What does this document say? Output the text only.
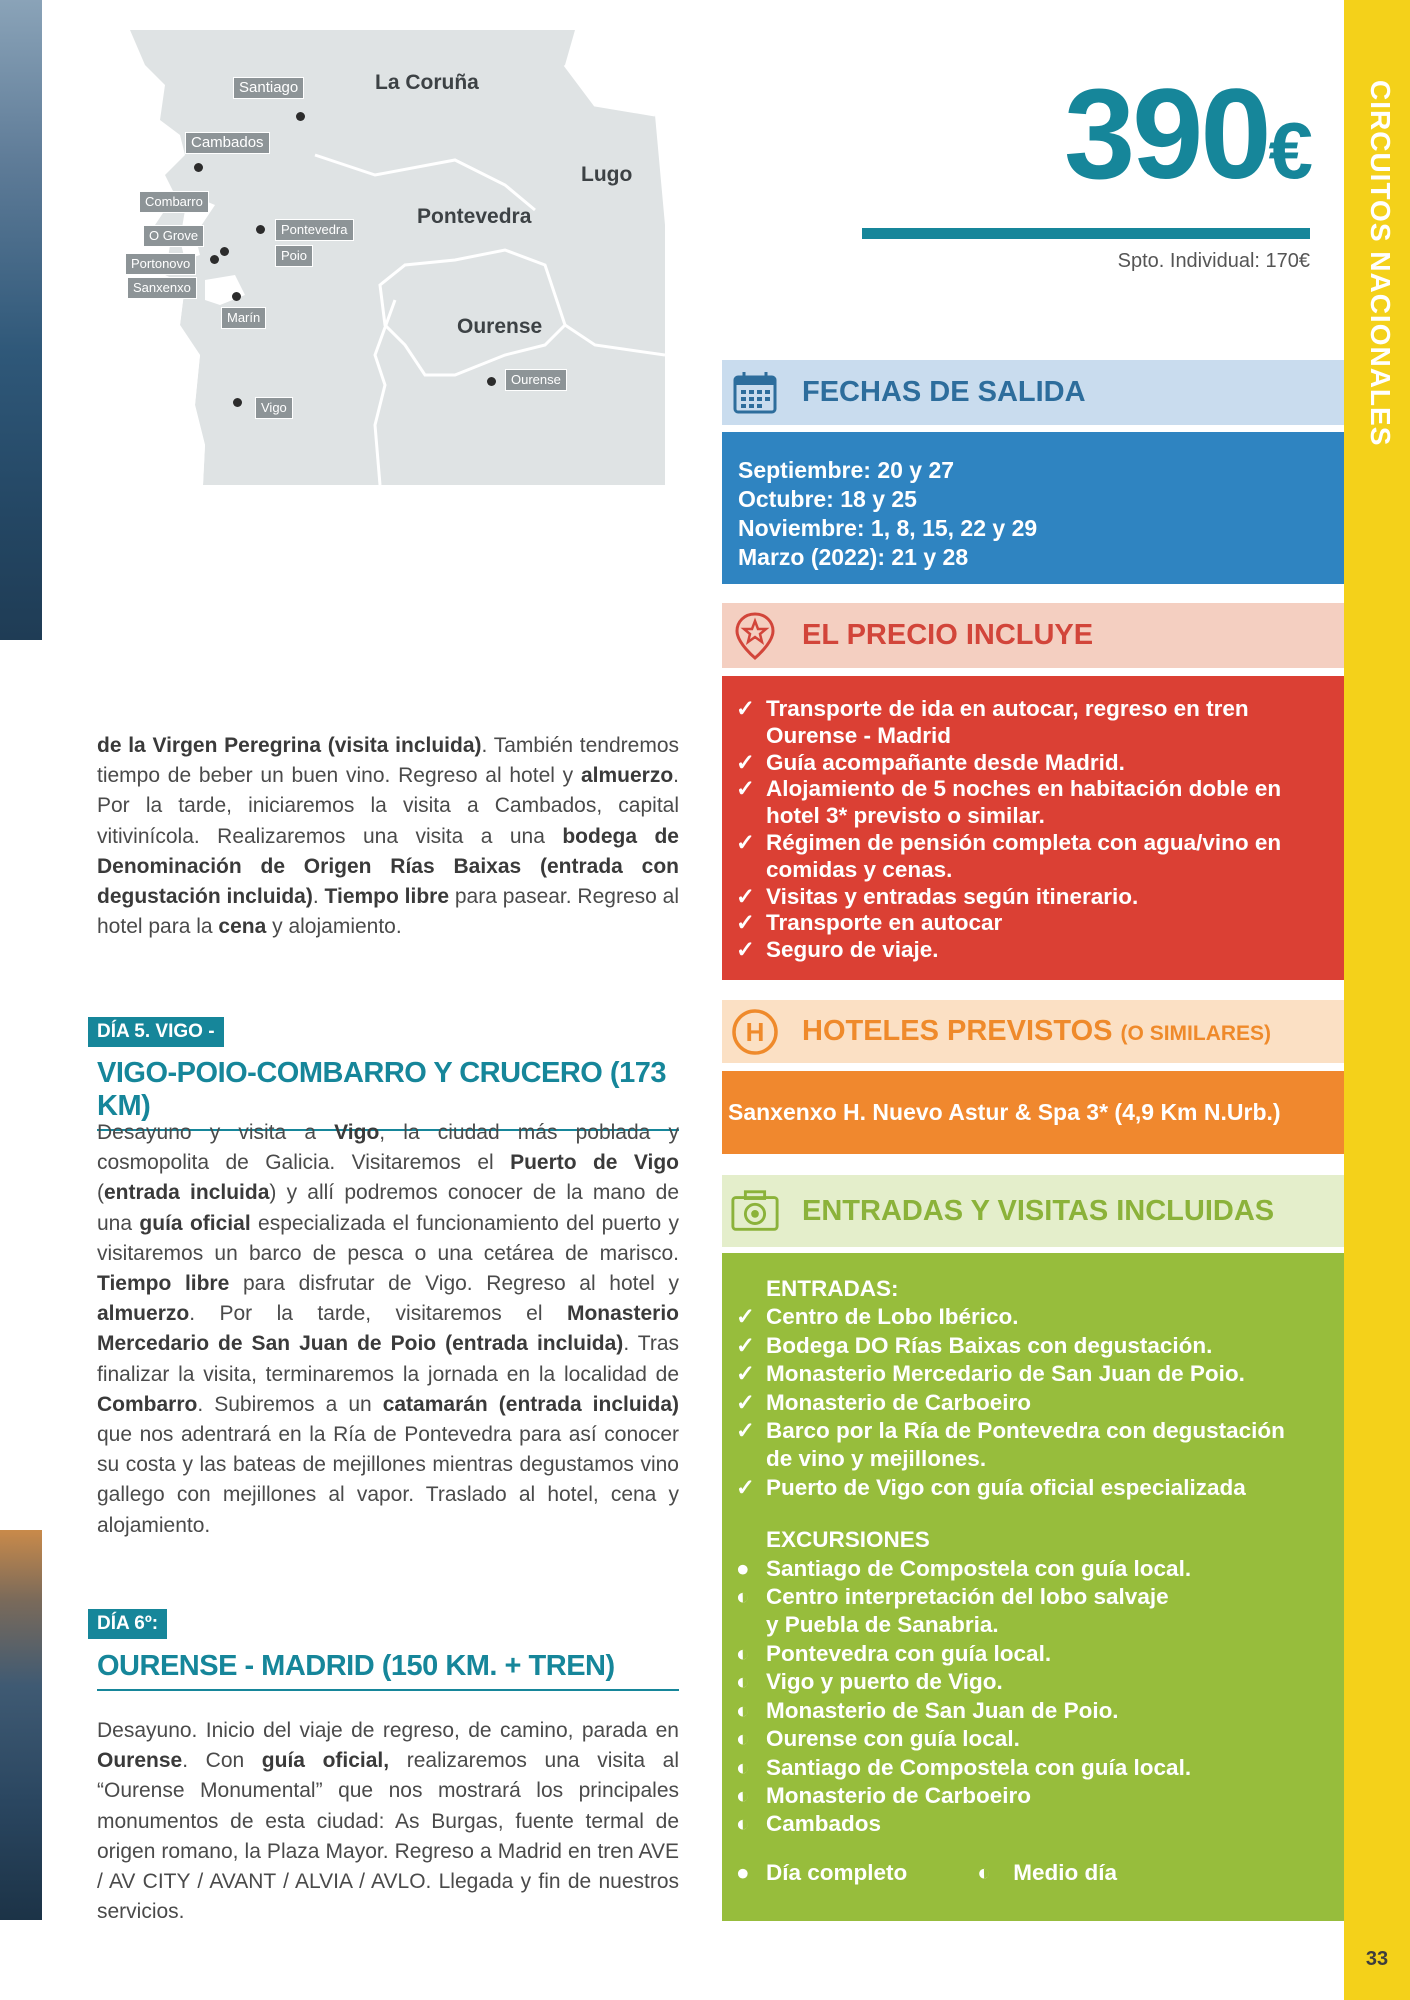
CIRCUITOS NACIONALES
33
La Coruña
Lugo
Pontevedra
Ourense
Santiago
Cambados
Combarro
O Grove
Portonovo
Sanxenxo
Pontevedra
Poio
Marín
Vigo
Ourense
390€
Spto. Individual: 170€
FECHAS DE SALIDA
Septiembre: 20 y 27
Octubre: 18 y 25
Noviembre: 1, 8, 15, 22 y 29
Marzo (2022): 21 y 28
EL PRECIO INCLUYE
✓ Transporte de ida en autocar, regreso en tren
Ourense - Madrid
✓ Guía acompañante desde Madrid.
✓ Alojamiento de 5 noches en habitación doble en
hotel 3* previsto o similar.
✓ Régimen de pensión completa con agua/vino en
comidas y cenas.
✓ Visitas y entradas según itinerario.
✓ Transporte en autocar
✓ Seguro de viaje.
H HOTELES PREVISTOS (O SIMILARES)
Sanxenxo H. Nuevo Astur & Spa 3* (4,9 Km N.Urb.)
ENTRADAS Y VISITAS INCLUIDAS
ENTRADAS:
✓ Centro de Lobo Ibérico.
✓ Bodega DO Rías Baixas con degustación.
✓ Monasterio Mercedario de San Juan de Poio.
✓ Monasterio de Carboeiro
✓ Barco por la Ría de Pontevedra con degustación
de vino y mejillones.
✓ Puerto de Vigo con guía oficial especializada
EXCURSIONES
● Santiago de Compostela con guía local.
◐ Centro interpretación del lobo salvaje
y Puebla de Sanabria.
◐ Pontevedra con guía local.
◐ Vigo y puerto de Vigo.
◐ Monasterio de San Juan de Poio.
◐ Ourense con guía local.
◐ Santiago de Compostela con guía local.
◐ Monasterio de Carboeiro
◐ Cambados
● Día completo	◐ Medio día
de la Virgen Peregrina (visita incluida). También tendremos tiempo de beber un buen vino. Regreso al hotel y almuerzo. Por la tarde, iniciaremos la visita a Cambados, capital vitivinícola. Realizaremos una visita a una bodega de Denominación de Origen Rías Baixas (entrada con degustación incluida). Tiempo libre para pasear. Regreso al hotel para la cena y alojamiento.
DÍA 5. VIGO -
VIGO-POIO-COMBARRO Y CRUCERO (173 KM)
Desayuno y visita a Vigo, la ciudad más poblada y cosmopolita de Galicia. Visitaremos el Puerto de Vigo (entrada incluida) y allí podremos conocer de la mano de una guía oficial especializada el funcionamiento del puerto y visitaremos un barco de pesca o una cetárea de marisco. Tiempo libre para disfrutar de Vigo. Regreso al hotel y almuerzo. Por la tarde, visitaremos el Monasterio Mercedario de San Juan de Poio (entrada incluida). Tras finalizar la visita, terminaremos la jornada en la localidad de Combarro. Subiremos a un catamarán (entrada incluida) que nos adentrará en la Ría de Pontevedra para así conocer su costa y las bateas de mejillones mientras degustamos vino gallego con mejillones al vapor. Traslado al hotel, cena y alojamiento.
DÍA 6º:
OURENSE - MADRID (150 KM. + TREN)
Desayuno. Inicio del viaje de regreso, de camino, parada en Ourense. Con guía oficial, realizaremos una visita al “Ourense Monumental” que nos mostrará los principales monumentos de esta ciudad: As Burgas, fuente termal de origen romano, la Plaza Mayor. Regreso a Madrid en tren AVE / AV CITY / AVANT / ALVIA / AVLO. Llegada y fin de nuestros servicios.
